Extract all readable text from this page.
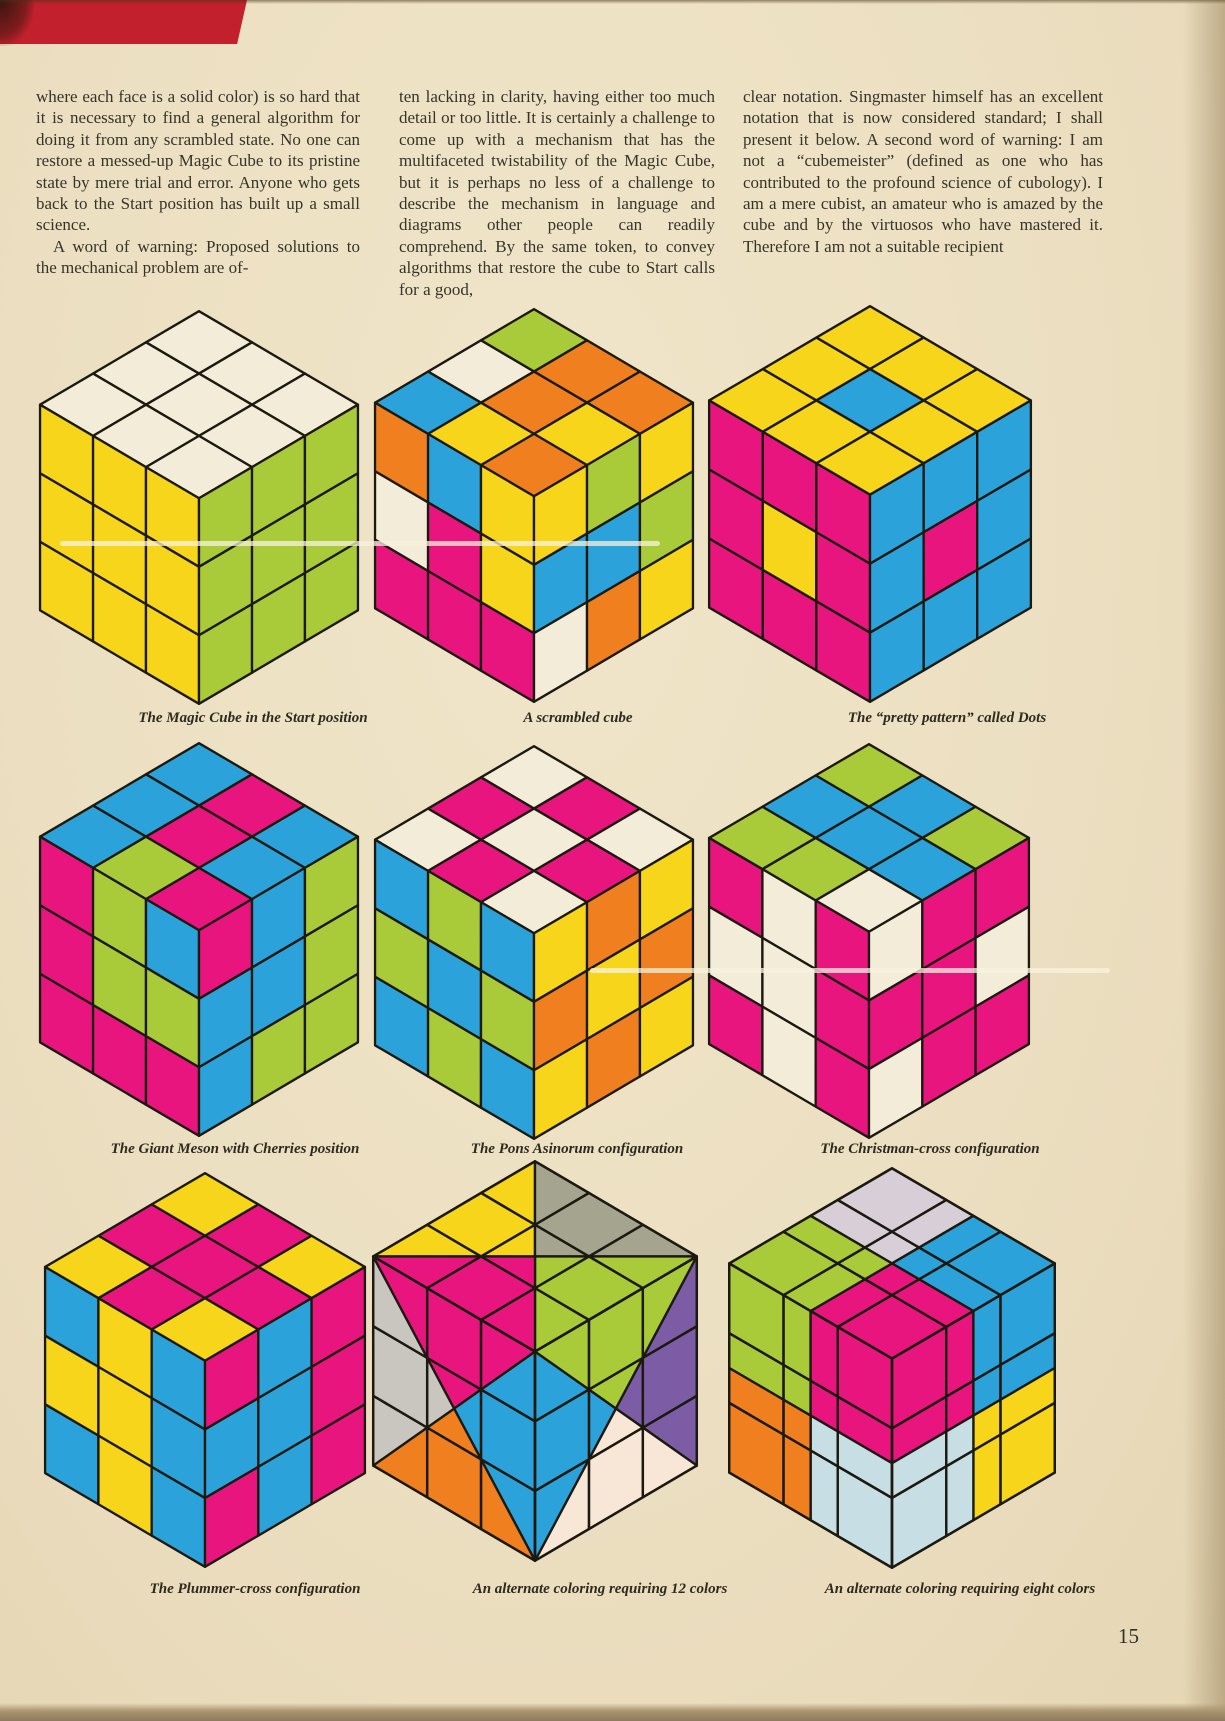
where each face is a solid color) is so hard that it is necessary to find a general algorithm for doing it from any scrambled state. No one can restore a messed-up Magic Cube to its pristine state by mere trial and error. Anyone who gets back to the Start position has built up a small science.

A word of warning: Proposed solutions to the mechanical problem are of-

ten lacking in clarity, having either too much detail or too little. It is certainly a challenge to come up with a mechanism that has the multifaceted twistability of the Magic Cube, but it is perhaps no less of a challenge to describe the mechanism in language and diagrams other people can readily comprehend. By the same token, to convey algorithms that restore the cube to Start calls for a good,

clear notation. Singmaster himself has an excellent notation that is now considered standard; I shall present it below. A second word of warning: I am not a “cubemeister” (defined as one who has contributed to the profound science of cubology). I am a mere cubist, an amateur who is amazed by the cube and by the virtuosos who have mastered it. Therefore I am not a suitable recipient

The Magic Cube in the Start position	A scrambled cube	The “pretty pattern” called Dots
The Giant Meson with Cherries position	The Pons Asinorum configuration	The Christman-cross configuration
The Plummer-cross configuration	An alternate coloring requiring 12 colors	An alternate coloring requiring eight colors
15
